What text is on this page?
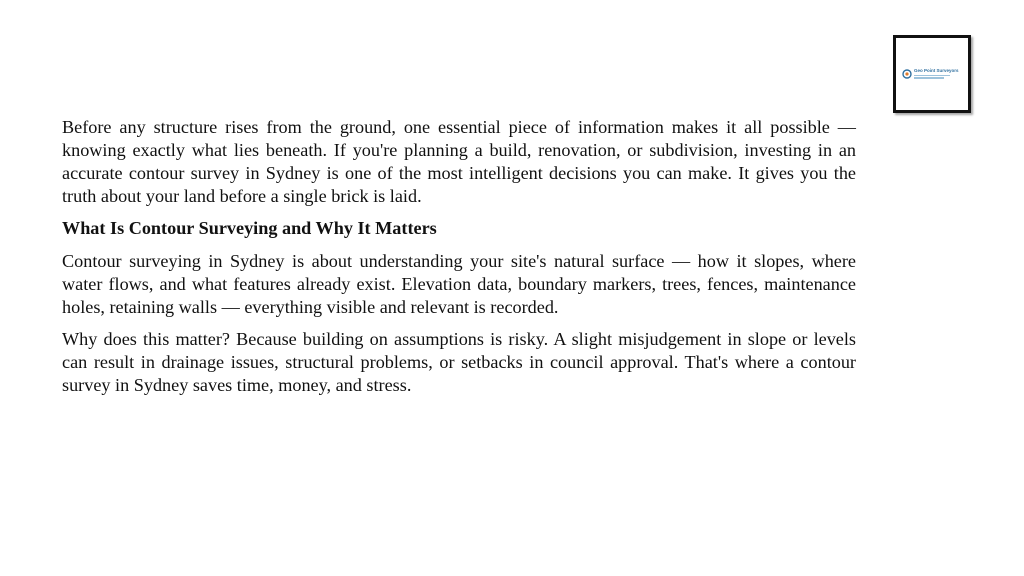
Geo Point Surveyors

Before any structure rises from the ground, one essential piece of information makes it all possible — knowing exactly what lies beneath. If you're planning a build, renovation, or subdivision, investing in an accurate contour survey in Sydney is one of the most intelligent decisions you can make. It gives you the truth about your land before a single brick is laid.

What Is Contour Surveying and Why It Matters

Contour surveying in Sydney is about understanding your site's natural surface — how it slopes, where water flows, and what features already exist. Elevation data, boundary markers, trees, fences, maintenance holes, retaining walls — everything visible and relevant is recorded.

Why does this matter? Because building on assumptions is risky. A slight misjudgement in slope or levels can result in drainage issues, structural problems, or setbacks in council approval. That's where a contour survey in Sydney saves time, money, and stress.
